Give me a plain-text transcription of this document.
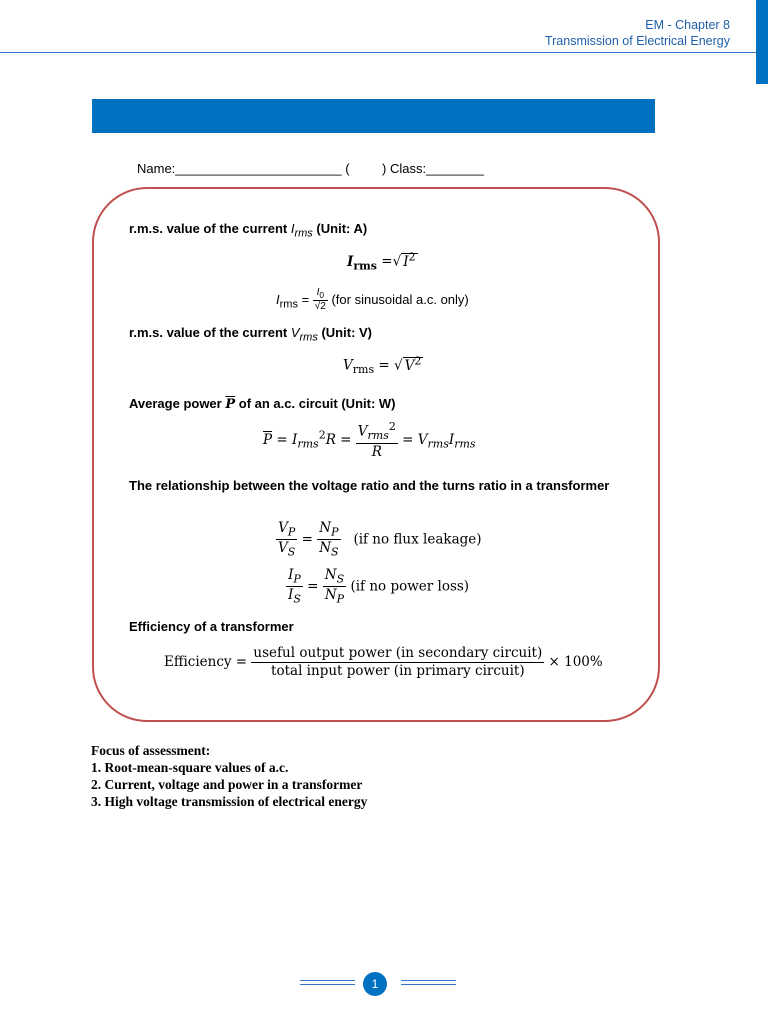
EM - Chapter 8
Transmission of Electrical Energy
Name:_______________________ (         ) Class:________
r.m.s. value of the current $I_{rms}$ (Unit: A)
$I_{rms}$ =√ $I^2$
$I_{rms} = \frac{I_0}{√2} (for$ sinusoidal a.c. only)
r.m.s. value of the current $V_{rms}$ (Unit: V)
$V_{rms}$ = √ $V^2$
Average power $\overline{P}$ of an a.c. circuit (Unit: W)
$\overline{P} = I_{rms}^2R = \frac{V_{rms}^2}{R} = V_{rms}I_{rms}$
The relationship between the voltage ratio and the turns ratio in a transformer
$\frac{V_P}{V_S} = \frac{N_P}{N_S} (if$ no flux leakage)
$\frac{I_P}{I_S} = \frac{N_S}{N_P} (if$ no power loss)
Efficiency of a transformer
Efficiency = $\frac{\text{useful output power (in secondary circuit)}}{\text{total input power (in primary circuit)}} \times 100\%$
Focus of assessment:
1. Root-mean-square values of a.c.
2. Current, voltage and power in a transformer
3. High voltage transmission of electrical energy
1
